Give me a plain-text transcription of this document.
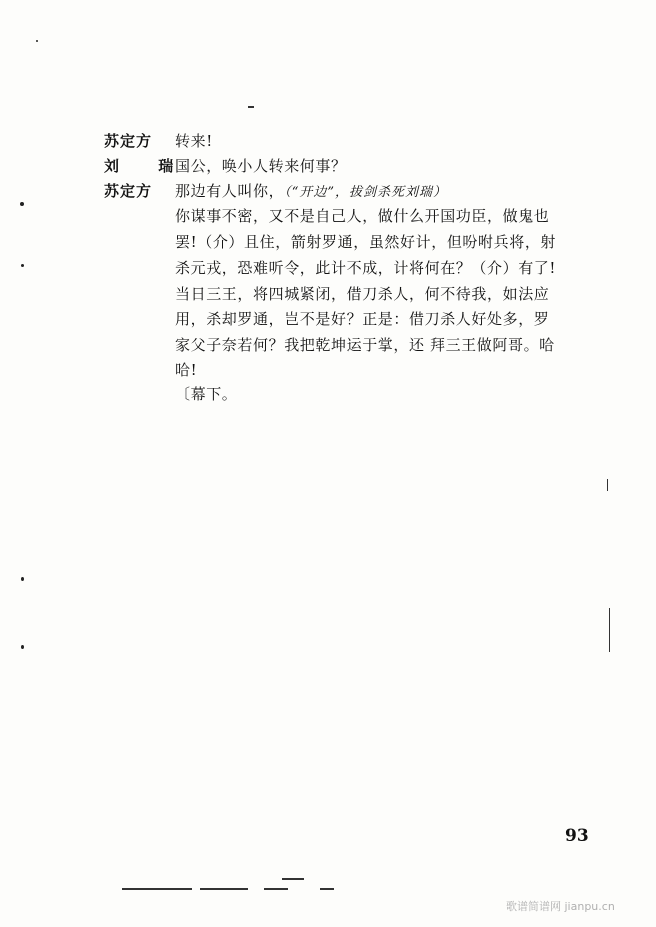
苏定方 转来!
刘 瑞
国公，唤小人转来何事？
苏定方 那边有人叫你，（“开边”，拔剑杀死刘瑞）
你谋事不密，又不是自己人，做什么开国功臣，做鬼也
罢!（介）且住，箭射罗通，虽然好计，但吩咐兵将，射
杀元戎，恐难听令，此计不成，计将何在？（介）有了!
当日三王，将四城紧闭，借刀杀人，何不待我，如法应
用，杀却罗通，岂不是好？正是：借刀杀人好处多，罗
家父子奈若何？我把乾坤运于掌，还 拜三王做阿哥。哈
哈!
〔幕下。
93
歌谱简谱网 jianpu.cn
